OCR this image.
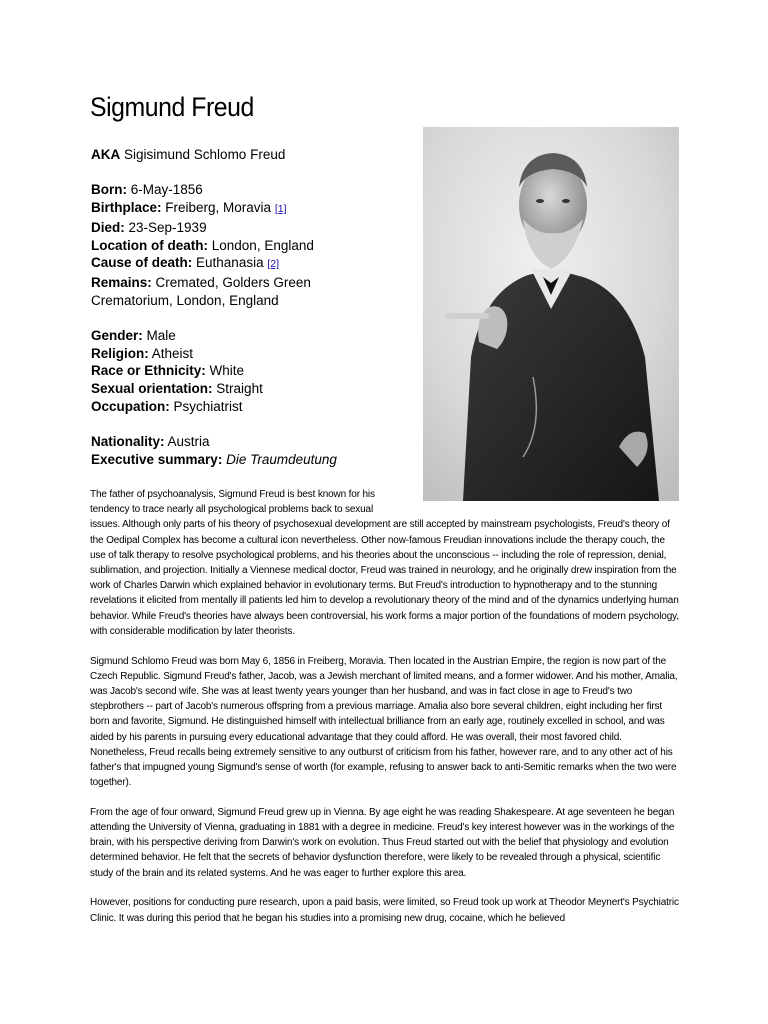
Sigmund Freud
AKA Sigisimund Schlomo Freud
Born: 6-May-1856
Birthplace: Freiberg, Moravia [1]
Died: 23-Sep-1939
Location of death: London, England
Cause of death: Euthanasia [2]
Remains: Cremated, Golders Green Crematorium, London, England
Gender: Male
Religion: Atheist
Race or Ethnicity: White
Sexual orientation: Straight
Occupation: Psychiatrist
Nationality: Austria
Executive summary: Die Traumdeutung

The father of psychoanalysis, Sigmund Freud is best known for his tendency to trace nearly all psychological problems back to sexual
issues. Although only parts of his theory of psychosexual development are still accepted by mainstream psychologists, Freud's theory of the Oedipal Complex has become a cultural icon nevertheless. Other now-famous Freudian innovations include the therapy couch, the use of talk therapy to resolve psychological problems, and his theories about the unconscious -- including the role of repression, denial, sublimation, and projection. Initially a Viennese medical doctor, Freud was trained in neurology, and he originally drew inspiration from the work of Charles Darwin which explained behavior in evolutionary terms. But Freud's introduction to hypnotherapy and to the stunning revelations it elicited from mentally ill patients led him to develop a revolutionary theory of the mind and of the dynamics underlying human behavior. While Freud's theories have always been controversial, his work forms a major portion of the foundations of modern psychology, with considerable modification by later theorists.

Sigmund Schlomo Freud was born May 6, 1856 in Freiberg, Moravia. Then located in the Austrian Empire, the region is now part of the Czech Republic. Sigmund Freud's father, Jacob, was a Jewish merchant of limited means, and a former widower. And his mother, Amalia, was Jacob's second wife. She was at least twenty years younger than her husband, and was in fact close in age to Freud's two stepbrothers -- part of Jacob's numerous offspring from a previous marriage. Amalia also bore several children, eight including her first born and favorite, Sigmund. He distinguished himself with intellectual brilliance from an early age, routinely excelled in school, and was aided by his parents in pursuing every educational advantage that they could afford. He was overall, their most favored child. Nonetheless, Freud recalls being extremely sensitive to any outburst of criticism from his father, however rare, and to any other act of his father's that impugned young Sigmund's sense of worth (for example, refusing to answer back to anti-Semitic remarks when the two were together).

From the age of four onward, Sigmund Freud grew up in Vienna. By age eight he was reading Shakespeare. At age seventeen he began attending the University of Vienna, graduating in 1881 with a degree in medicine. Freud's key interest however was in the workings of the brain, with his perspective deriving from Darwin's work on evolution. Thus Freud started out with the belief that physiology and evolution determined behavior. He felt that the secrets of behavior dysfunction therefore, were likely to be revealed through a physical, scientific study of the brain and its related systems. And he was eager to further explore this area.

However, positions for conducting pure research, upon a paid basis, were limited, so Freud took up work at Theodor Meynert's Psychiatric Clinic. It was during this period that he began his studies into a promising new drug, cocaine, which he believed
